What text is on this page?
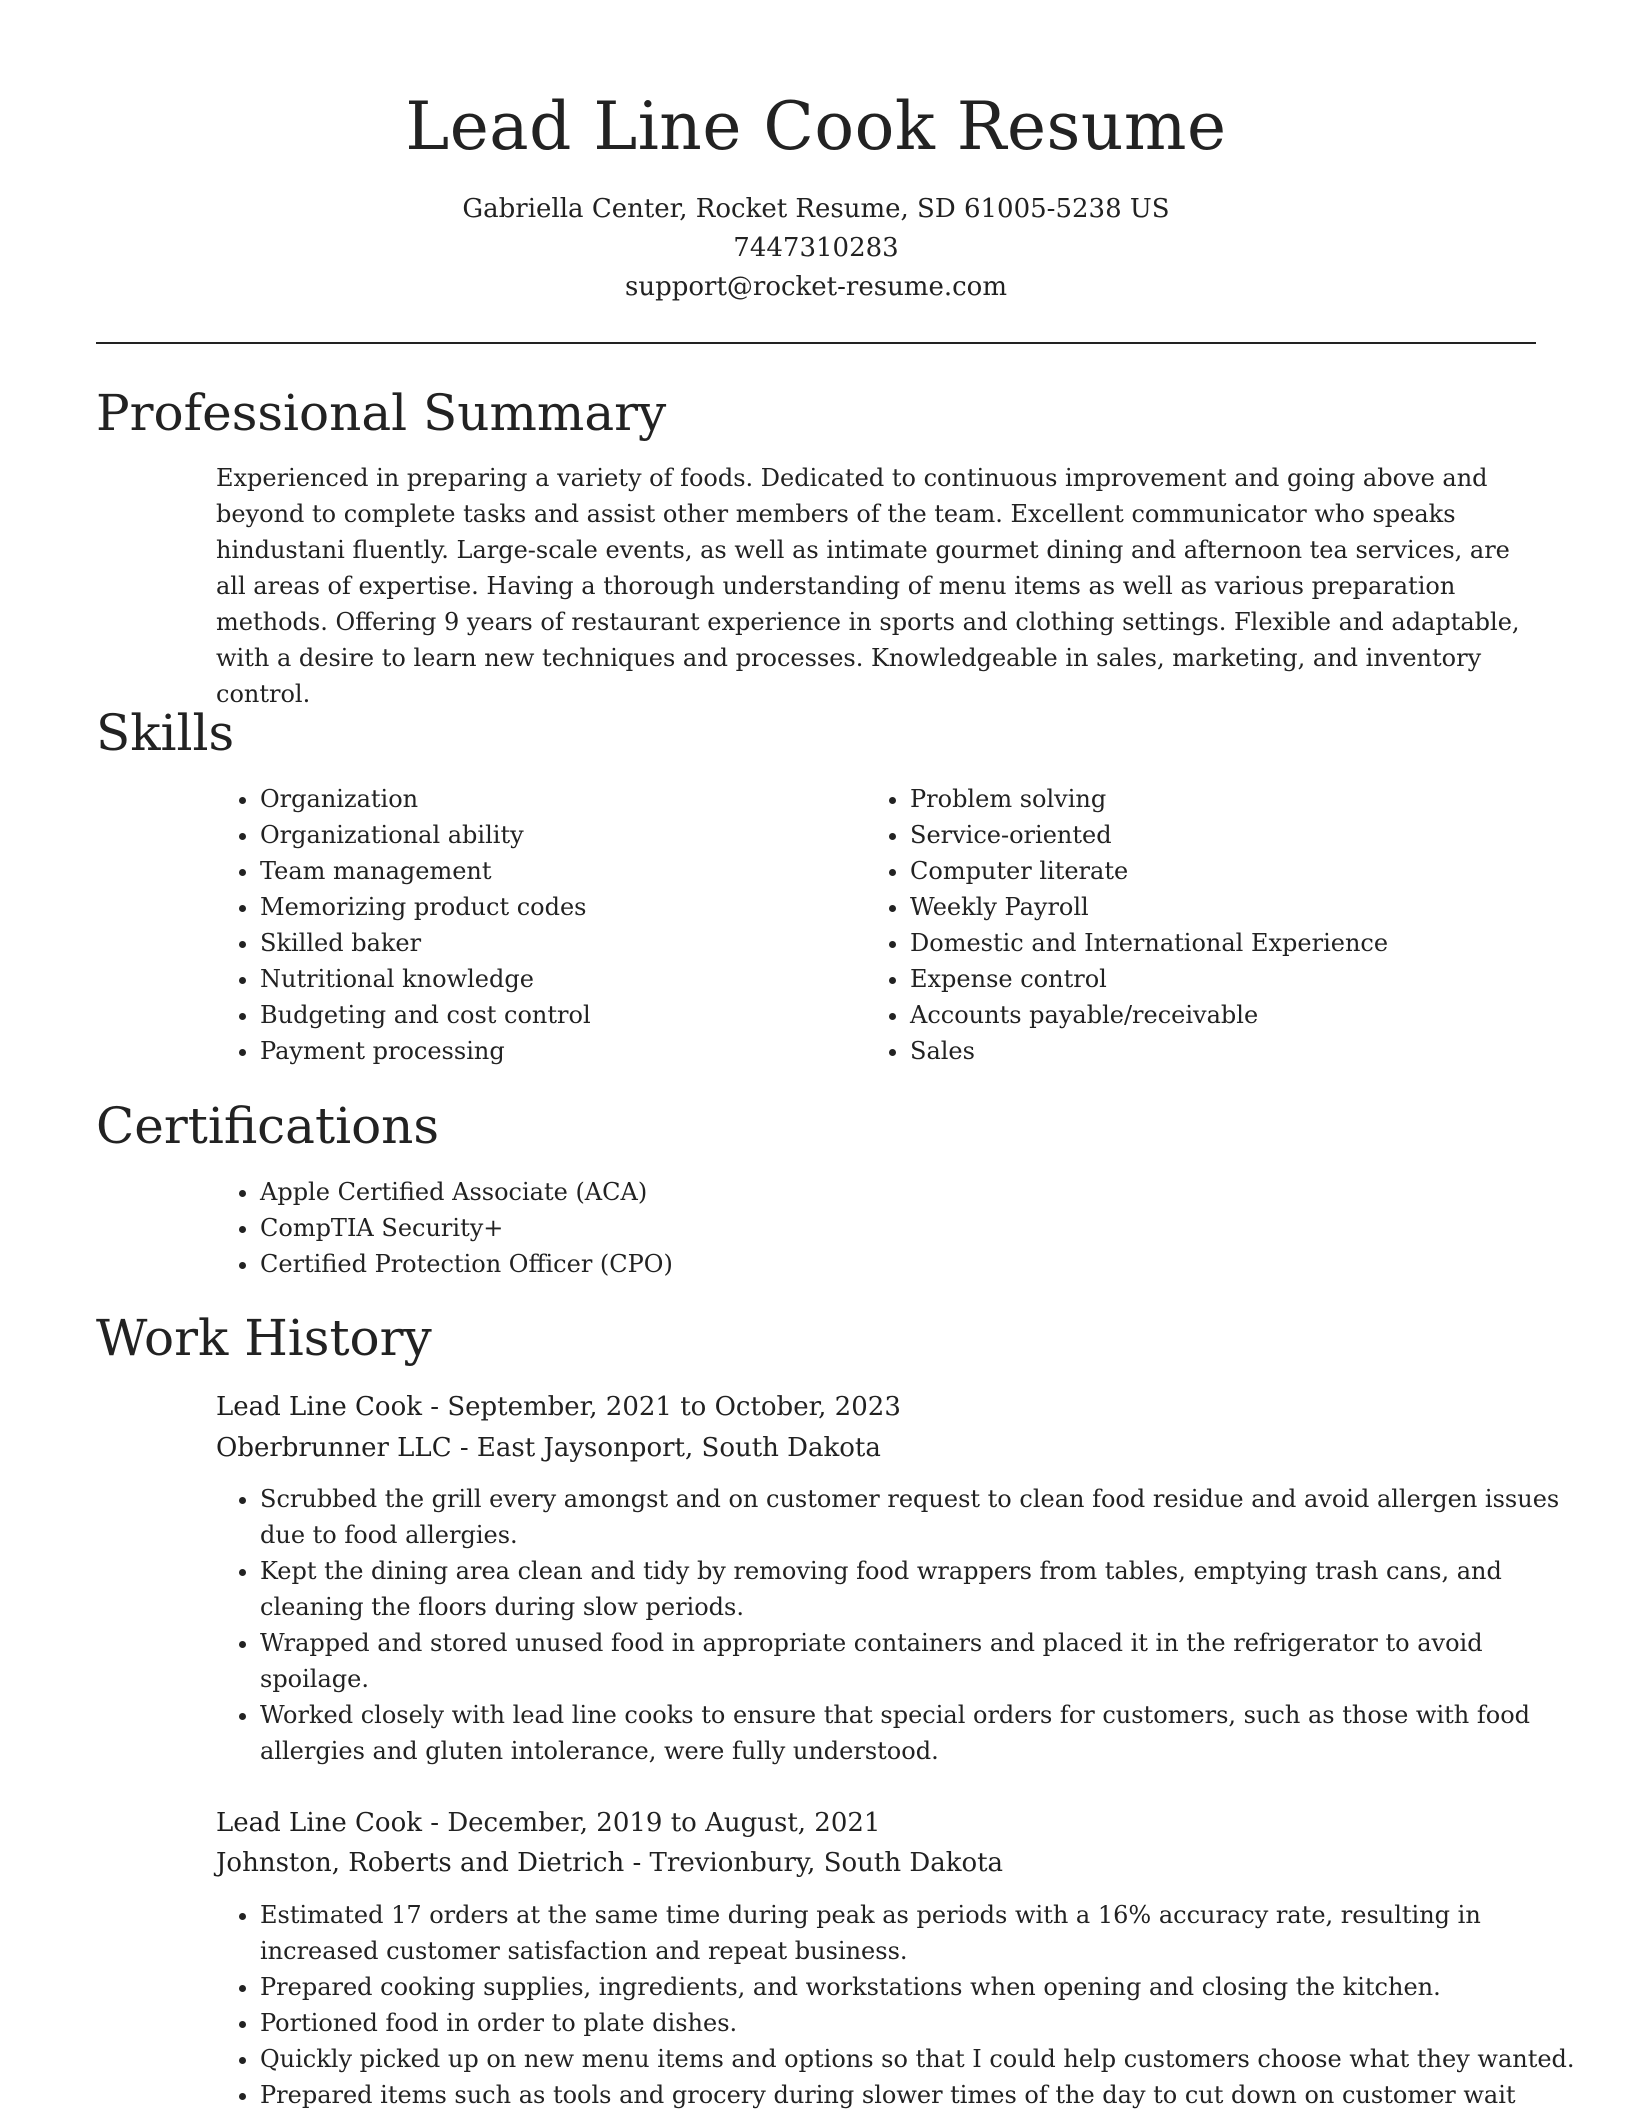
Lead Line Cook Resume
Gabriella Center, Rocket Resume, SD 61005-5238 US
7447310283
support@rocket-resume.com
Professional Summary

Experienced in preparing a variety of foods. Dedicated to continuous improvement and going above and beyond to complete tasks and assist other members of the team. Excellent communicator who speaks hindustani fluently. Large-scale events, as well as intimate gourmet dining and afternoon tea services, are all areas of expertise. Having a thorough understanding of menu items as well as various preparation methods. Offering 9 years of restaurant experience in sports and clothing settings. Flexible and adaptable, with a desire to learn new techniques and processes. Knowledgeable in sales, marketing, and inventory control.

Skills
• Organization
• Organizational ability
• Team management
• Memorizing product codes
• Skilled baker
• Nutritional knowledge
• Budgeting and cost control
• Payment processing
• Problem solving
• Service-oriented
• Computer literate
• Weekly Payroll
• Domestic and International Experience
• Expense control
• Accounts payable/receivable
• Sales
Certifications
• Apple Certified Associate (ACA)
• CompTIA Security+
• Certified Protection Officer (CPO)
Work History
Lead Line Cook - September, 2021 to October, 2023
Oberbrunner LLC - East Jaysonport, South Dakota
• Scrubbed the grill every amongst and on customer request to clean food residue and avoid allergen issues due to food allergies.
• Kept the dining area clean and tidy by removing food wrappers from tables, emptying trash cans, and cleaning the floors during slow periods.
• Wrapped and stored unused food in appropriate containers and placed it in the refrigerator to avoid spoilage.
• Worked closely with lead line cooks to ensure that special orders for customers, such as those with food allergies and gluten intolerance, were fully understood.
Lead Line Cook - December, 2019 to August, 2021
Johnston, Roberts and Dietrich - Trevionbury, South Dakota
• Estimated 17 orders at the same time during peak as periods with a 16% accuracy rate, resulting in increased customer satisfaction and repeat business.
• Prepared cooking supplies, ingredients, and workstations when opening and closing the kitchen.
• Portioned food in order to plate dishes.
• Quickly picked up on new menu items and options so that I could help customers choose what they wanted.
• Prepared items such as tools and grocery during slower times of the day to cut down on customer wait
